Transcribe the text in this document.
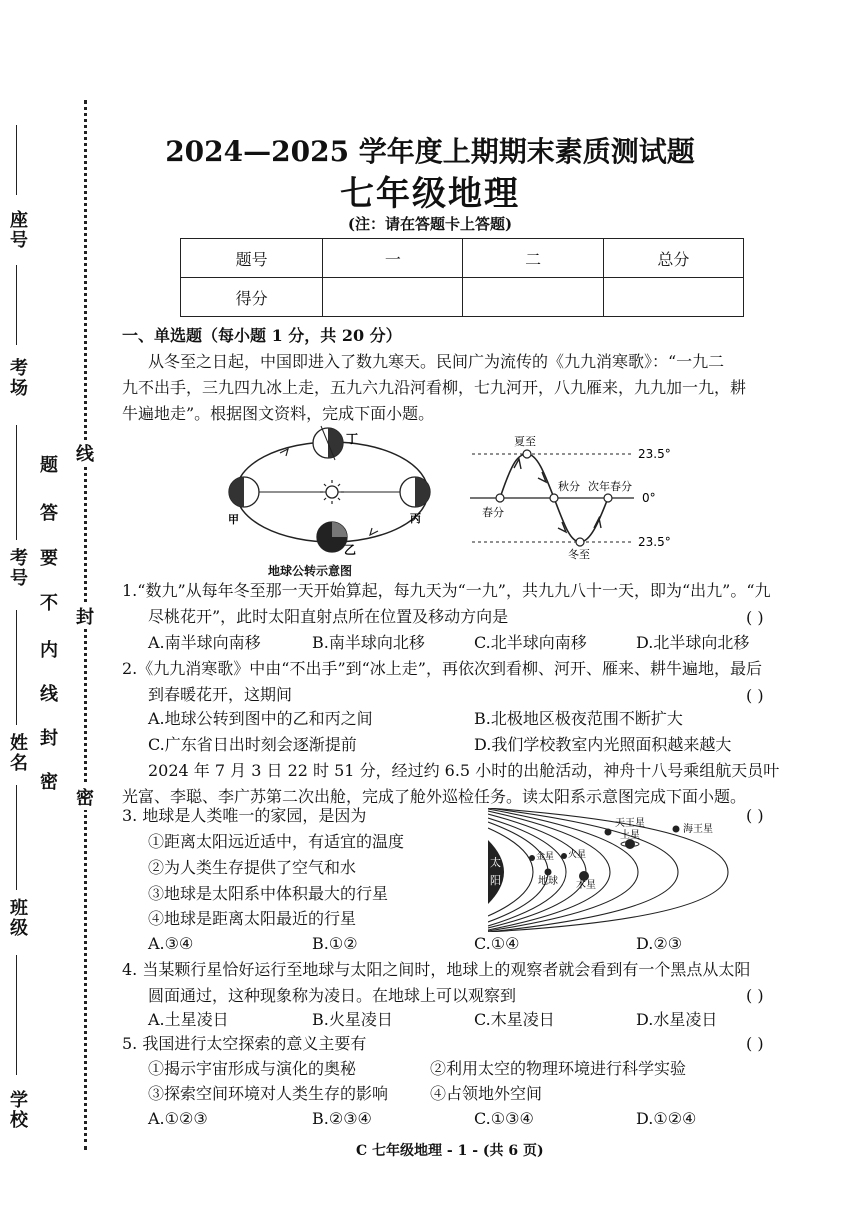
座号
考场
考号
姓名
班级
学校
题
答
要
不
内
线
封
密
线
封
密
2024—2025 学年度上期期末素质测试题
七年级地理
(注：请在答题卡上答题)
题号	一	二	总分
得分			
一、单选题（每小题 1 分，共 20 分）
从冬至之日起，中国即进入了数九寒天。民间广为流传的《九九消寒歌》：“一九二
九不出手，三九四九冰上走，五九六九沿河看柳，七九河开，八九雁来，九九加一九，耕
牛遍地走”。根据图文资料，完成下面小题。
丁
甲
乙
丙
地球公转示意图
夏至
秋分 次年春分
春分
冬至
23.5°
0°
23.5°
1.“数九”从每年冬至那一天开始算起，每九天为“一九”，共九九八十一天，即为“出九”。“九
尽桃花开”，此时太阳直射点所在位置及移动方向是	( )
A.南半球向南移	B.南半球向北移	C.北半球向南移	D.北半球向北移
2.《九九消寒歌》中由“不出手”到“冰上走”，再依次到看柳、河开、雁来、耕牛遍地，最后
到春暖花开，这期间	( )
A.地球公转到图中的乙和丙之间	B.北极地区极夜范围不断扩大
C.广东省日出时刻会逐渐提前	D.我们学校教室内光照面积越来越大
2024 年 7 月 3 日 22 时 51 分，经过约 6.5 小时的出舱活动，神舟十八号乘组航天员叶
光富、李聪、李广苏第二次出舱，完成了舱外巡检任务。读太阳系示意图完成下面小题。
太
阳
金星
地球
火星
木星
土星
天王星
海王星
3. 地球是人类唯一的家园，是因为	( )
①距离太阳远近适中，有适宜的温度
②为人类生存提供了空气和水
③地球是太阳系中体积最大的行星
④地球是距离太阳最近的行星
A.③④	B.①②	C.①④	D.②③
4. 当某颗行星恰好运行至地球与太阳之间时，地球上的观察者就会看到有一个黑点从太阳
圆面通过，这种现象称为凌日。在地球上可以观察到	( )
A.土星凌日	B.火星凌日	C.木星凌日	D.水星凌日
5. 我国进行太空探索的意义主要有	( )
①揭示宇宙形成与演化的奥秘	②利用太空的物理环境进行科学实验
③探索空间环境对人类生存的影响	④占领地外空间
A.①②③	B.②③④	C.①③④	D.①②④
C 七年级地理 - 1 - (共 6 页)
